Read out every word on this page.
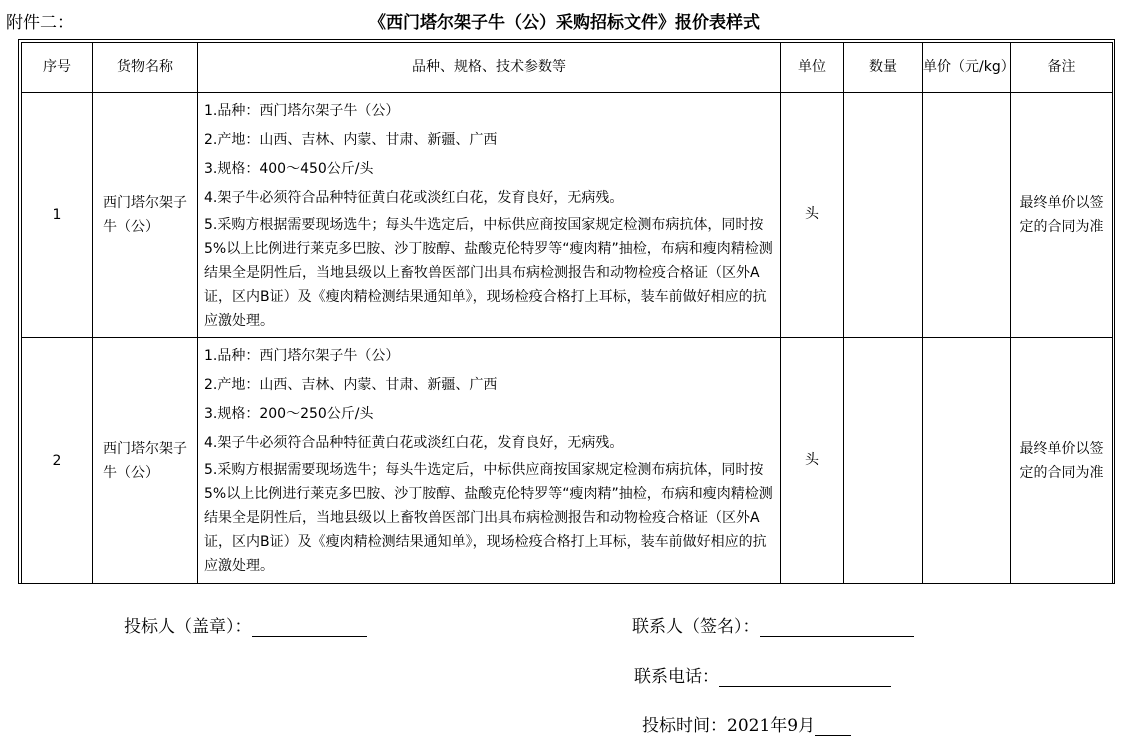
附件二：	《西门塔尔架子牛（公）采购招标文件》报价表样式
序号	货物名称	品种、规格、技术参数等	单位	数量	单价（元/kg）	备注
1	西门塔尔架子牛（公）	1.品种：西门塔尔架子牛（公）
2.产地：山西、吉林、内蒙、甘肃、新疆、广西
3.规格：400～450公斤/头
4.架子牛必须符合品种特征黄白花或淡红白花，发育良好，无病残。
5.采购方根据需要现场选牛；每头牛选定后，中标供应商按国家规定检测布病抗体，同时按5%以上比例进行莱克多巴胺、沙丁胺醇、盐酸克伦特罗等“瘦肉精”抽检，布病和瘦肉精检测结果全是阴性后，当地县级以上畜牧兽医部门出具布病检测报告和动物检疫合格证（区外A证，区内B证）及《瘦肉精检测结果通知单》，现场检疫合格打上耳标，装车前做好相应的抗应激处理。	头			最终单价以签定的合同为准
2	西门塔尔架子牛（公）	1.品种：西门塔尔架子牛（公）
2.产地：山西、吉林、内蒙、甘肃、新疆、广西
3.规格：200～250公斤/头
4.架子牛必须符合品种特征黄白花或淡红白花，发育良好，无病残。
5.采购方根据需要现场选牛；每头牛选定后，中标供应商按国家规定检测布病抗体，同时按5%以上比例进行莱克多巴胺、沙丁胺醇、盐酸克伦特罗等“瘦肉精”抽检，布病和瘦肉精检测结果全是阴性后，当地县级以上畜牧兽医部门出具布病检测报告和动物检疫合格证（区外A证，区内B证）及《瘦肉精检测结果通知单》，现场检疫合格打上耳标，装车前做好相应的抗应激处理。	头			最终单价以签定的合同为准
投标人（盖章）：	联系人（签名）：
联系电话：
投标时间：2021年9月
